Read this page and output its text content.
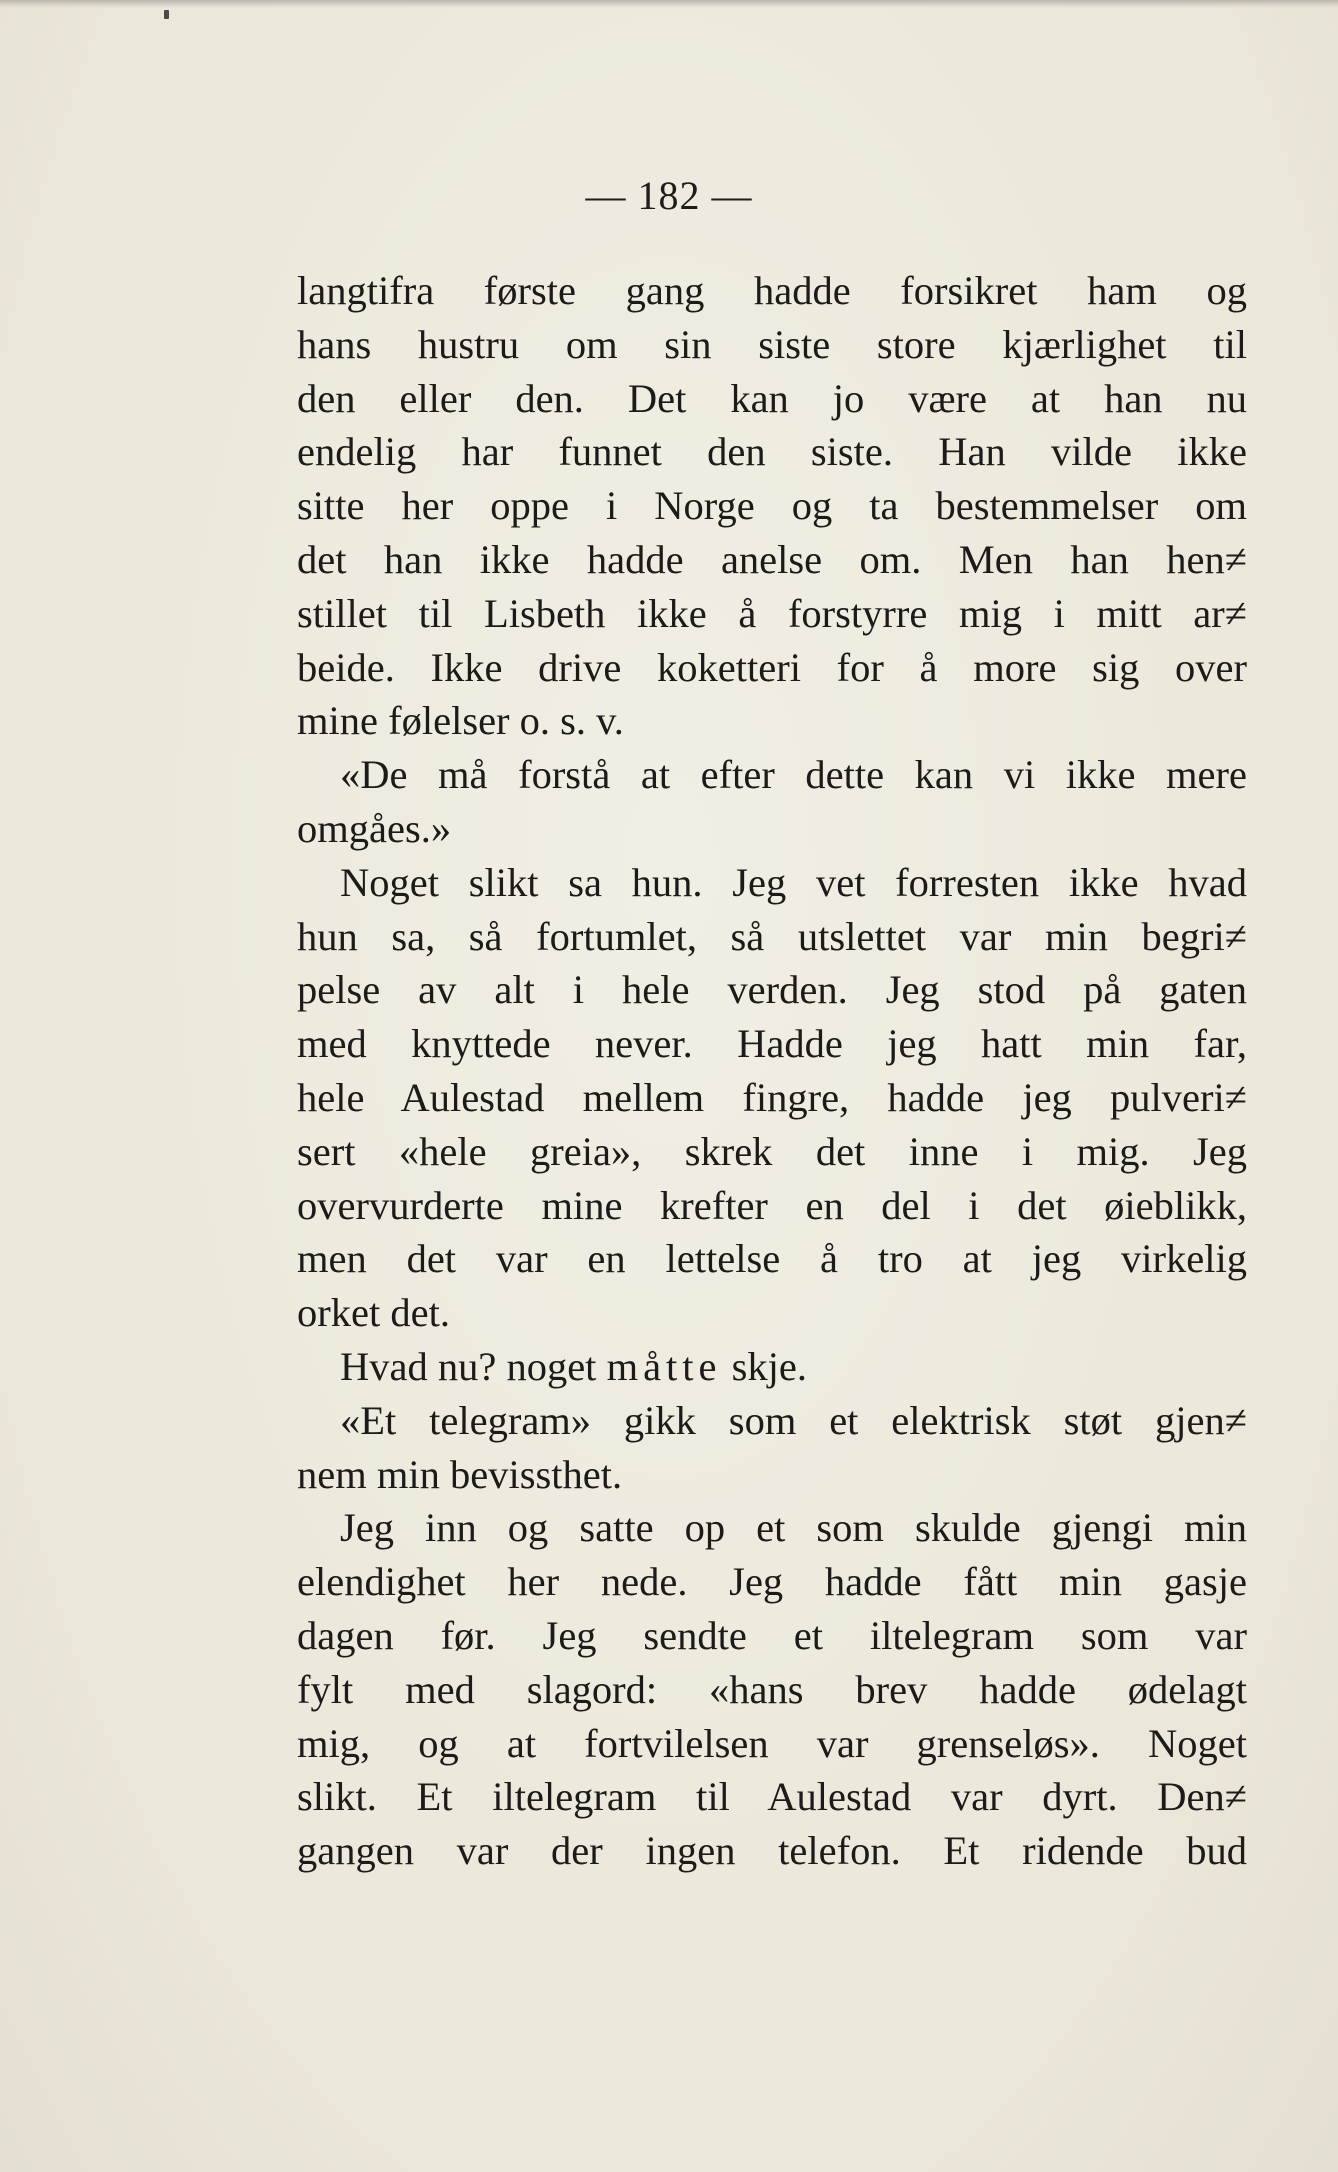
— 182 —

langtifra første gang hadde forsikret ham og
hans hustru om sin siste store kjærlighet til
den eller den. Det kan jo være at han nu
endelig har funnet den siste. Han vilde ikke
sitte her oppe i Norge og ta bestemmelser om
det han ikke hadde anelse om. Men han hen≠
stillet til Lisbeth ikke å forstyrre mig i mitt ar≠
beide. Ikke drive koketteri for å more sig over
mine følelser o. s. v.
«De må forstå at efter dette kan vi ikke mere
omgåes.»
Noget slikt sa hun. Jeg vet forresten ikke hvad
hun sa, så fortumlet, så utslettet var min begri≠
pelse av alt i hele verden. Jeg stod på gaten
med knyttede never. Hadde jeg hatt min far,
hele Aulestad mellem fingre, hadde jeg pulveri≠
sert «hele greia», skrek det inne i mig. Jeg
overvurderte mine krefter en del i det øieblikk,
men det var en lettelse å tro at jeg virkelig
orket det.
Hvad nu? noget måtte skje.
«Et telegram» gikk som et elektrisk støt gjen≠
nem min bevissthet.
Jeg inn og satte op et som skulde gjengi min
elendighet her nede. Jeg hadde fått min gasje
dagen før. Jeg sendte et iltelegram som var
fylt med slagord: «hans brev hadde ødelagt
mig, og at fortvilelsen var grenseløs». Noget
slikt. Et iltelegram til Aulestad var dyrt. Den≠
gangen var der ingen telefon. Et ridende bud
